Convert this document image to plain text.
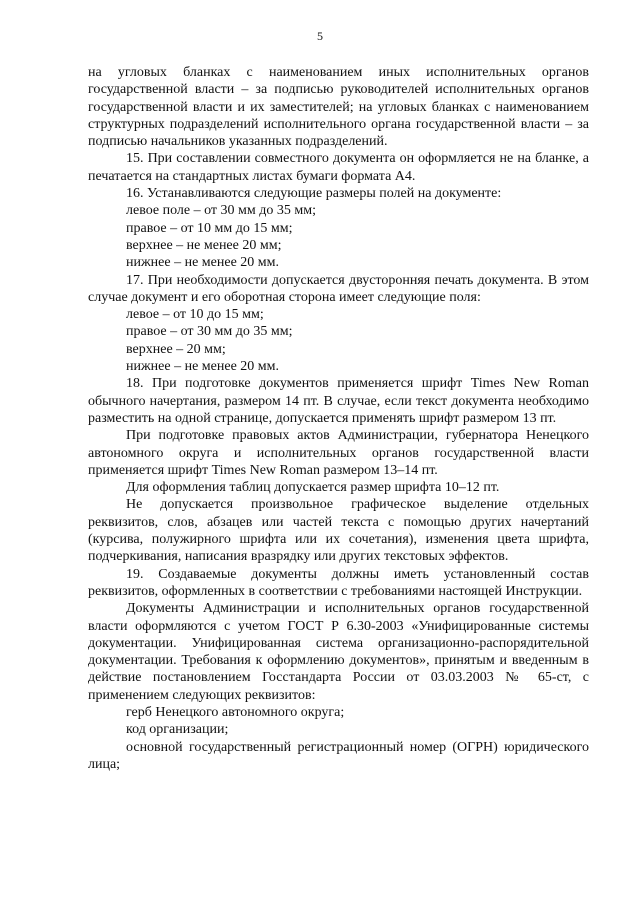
5

на угловых бланках с наименованием иных исполнительных органов государственной власти – за подписью руководителей исполнительных органов государственной власти и их заместителей; на угловых бланках с наименованием структурных подразделений исполнительного органа государственной власти – за подписью начальников указанных подразделений.

15. При составлении совместного документа он оформляется не на бланке, а печатается на стандартных листах бумаги формата А4.

16. Устанавливаются следующие размеры полей на документе:

левое поле – от 30 мм до 35 мм;

правое – от 10 мм до 15 мм;

верхнее – не менее 20 мм;

нижнее – не менее 20 мм.

17. При необходимости допускается двусторонняя печать документа. В этом случае документ и его оборотная сторона имеет следующие поля:

левое – от 10 до 15 мм;

правое – от 30 мм до 35 мм;

верхнее – 20 мм;

нижнее – не менее 20 мм.

18. При подготовке документов применяется шрифт Times New Roman обычного начертания, размером 14 пт. В случае, если текст документа необходимо разместить на одной странице, допускается применять шрифт размером 13 пт.

При подготовке правовых актов Администрации, губернатора Ненецкого автономного округа и исполнительных органов государственной власти применяется шрифт Times New Roman размером 13–14 пт.

Для оформления таблиц допускается размер шрифта 10–12 пт.

Не допускается произвольное графическое выделение отдельных реквизитов, слов, абзацев или частей текста с помощью других начертаний (курсива, полужирного шрифта или их сочетания), изменения цвета шрифта, подчеркивания, написания вразрядку или других текстовых эффектов.

19. Создаваемые документы должны иметь установленный состав реквизитов, оформленных в соответствии с требованиями настоящей Инструкции.

Документы Администрации и исполнительных органов государственной власти оформляются с учетом ГОСТ Р 6.30-2003 «Унифицированные системы документации. Унифицированная система организационно-распорядительной документации. Требования к оформлению документов», принятым и введенным в действие постановлением Госстандарта России от 03.03.2003 № 65-ст, с применением следующих реквизитов:

герб Ненецкого автономного округа;

код организации;

основной государственный регистрационный номер (ОГРН) юридического лица;
